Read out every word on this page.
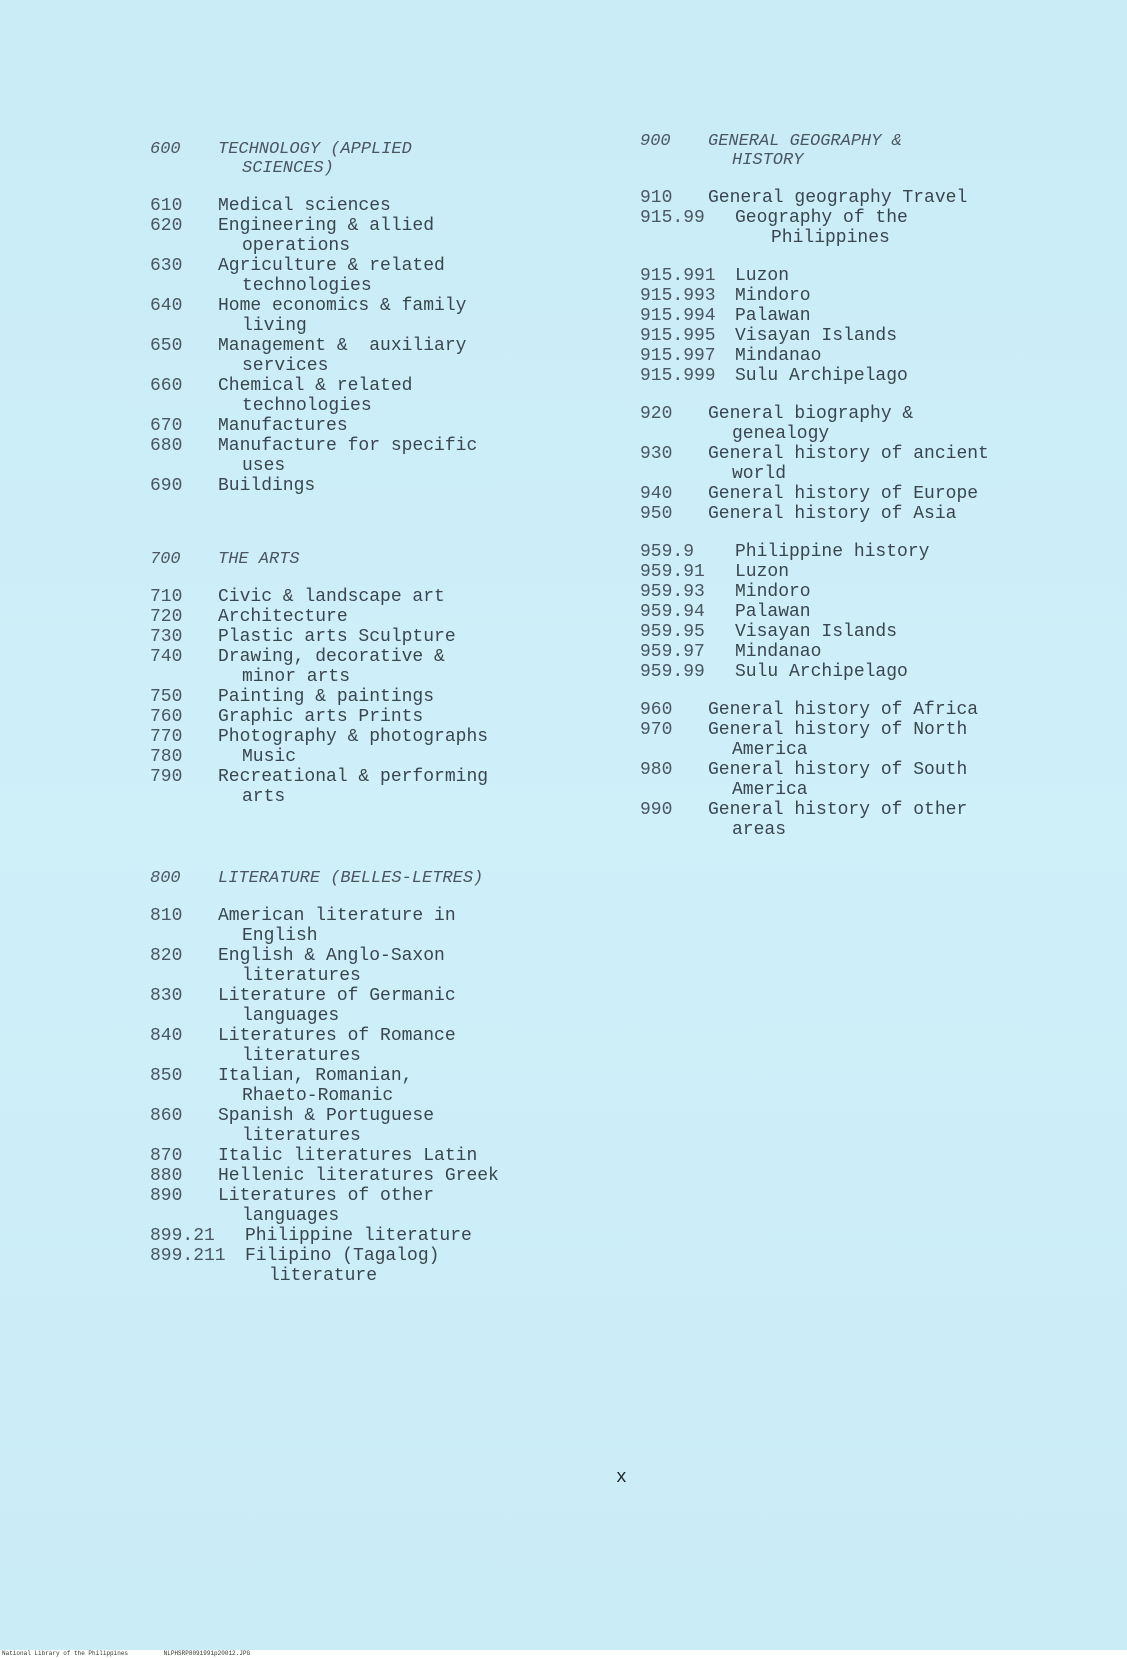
600	TECHNOLOGY (APPLIED
SCIENCES)
610	Medical sciences
620	Engineering & allied
operations
630	Agriculture & related
technologies
640	Home economics & family
living
650	Management &  auxiliary
services
660	Chemical & related
technologies
670	Manufactures
680	Manufacture for specific
uses
690	Buildings
700	THE ARTS
710	Civic & landscape art
720	Architecture
730	Plastic arts Sculpture
740	Drawing, decorative &
minor arts
750	Painting & paintings
760	Graphic arts Prints
770	Photography & photographs
780	Music
790	Recreational & performing
arts
800	LITERATURE (BELLES-LETRES)
810	American literature in
English
820	English & Anglo-Saxon
literatures
830	Literature of Germanic
languages
840	Literatures of Romance
literatures
850	Italian, Romanian,
Rhaeto-Romanic
860	Spanish & Portuguese
literatures
870	Italic literatures Latin
880	Hellenic literatures Greek
890	Literatures of other
languages
899.21	Philippine literature
899.211	Filipino (Tagalog)
literature
900	GENERAL GEOGRAPHY &
HISTORY
910	General geography Travel
915.99	Geography of the
Philippines
915.991	Luzon
915.993	Mindoro
915.994	Palawan
915.995	Visayan Islands
915.997	Mindanao
915.999	Sulu Archipelago
920	General biography &
genealogy
930	General history of ancient
world
940	General history of Europe
950	General history of Asia
959.9	Philippine history
959.91	Luzon
959.93	Mindoro
959.94	Palawan
959.95	Visayan Islands
959.97	Mindanao
959.99	Sulu Archipelago
960	General history of Africa
970	General history of North
America
980	General history of South
America
990	General history of other
areas
x
National Library of the Philippines	NLPHSRP8091991p20012.JPG
